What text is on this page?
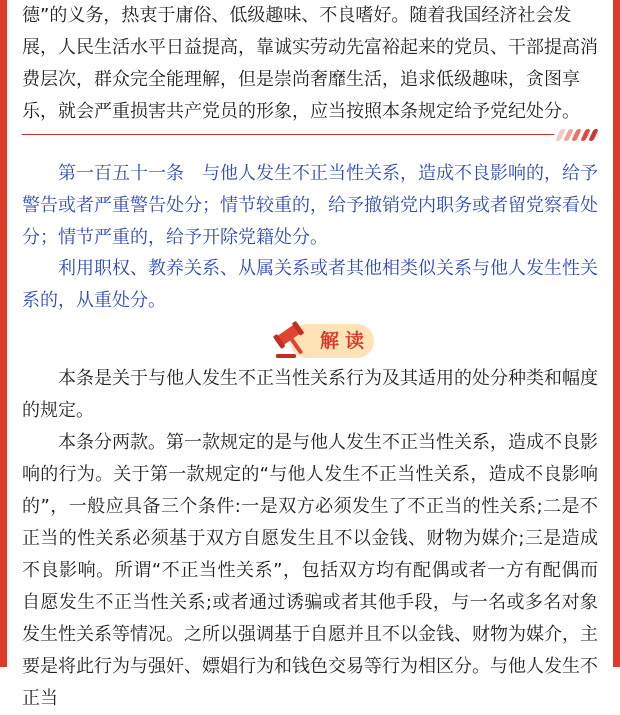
德”的义务，热衷于庸俗、低级趣味、不良嗜好。随着我国经济社会发

展，人民生活水平日益提高，靠诚实劳动先富裕起来的党员、干部提高消

费层次，群众完全能理解，但是崇尚奢靡生活，追求低级趣味，贪图享

乐，就会严重损害共产党员的形象，应当按照本条规定给予党纪处分。

第一百五十一条　与他人发生不正当性关系，造成不良影响的，给予警告或者严重警告处分；情节较重的，给予撤销党内职务或者留党察看处分；情节严重的，给予开除党籍处分。

利用职权、教养关系、从属关系或者其他相类似关系与他人发生性关系的，从重处分。

解读

本条是关于与他人发生不正当性关系行为及其适用的处分种类和幅度的规定。

本条分两款。第一款规定的是与他人发生不正当性关系，造成不良影响的行为。关于第一款规定的“与他人发生不正当性关系，造成不良影响的”，一般应具备三个条件:一是双方必须发生了不正当的性关系;二是不正当的性关系必须基于双方自愿发生且不以金钱、财物为媒介;三是造成不良影响。所谓“不正当性关系”，包括双方均有配偶或者一方有配偶而自愿发生不正当性关系;或者通过诱骗或者其他手段，与一名或多名对象发生性关系等情况。之所以强调基于自愿并且不以金钱、财物为媒介，主要是将此行为与强奸、嫖娼行为和钱色交易等行为相区分。与他人发生不正当
